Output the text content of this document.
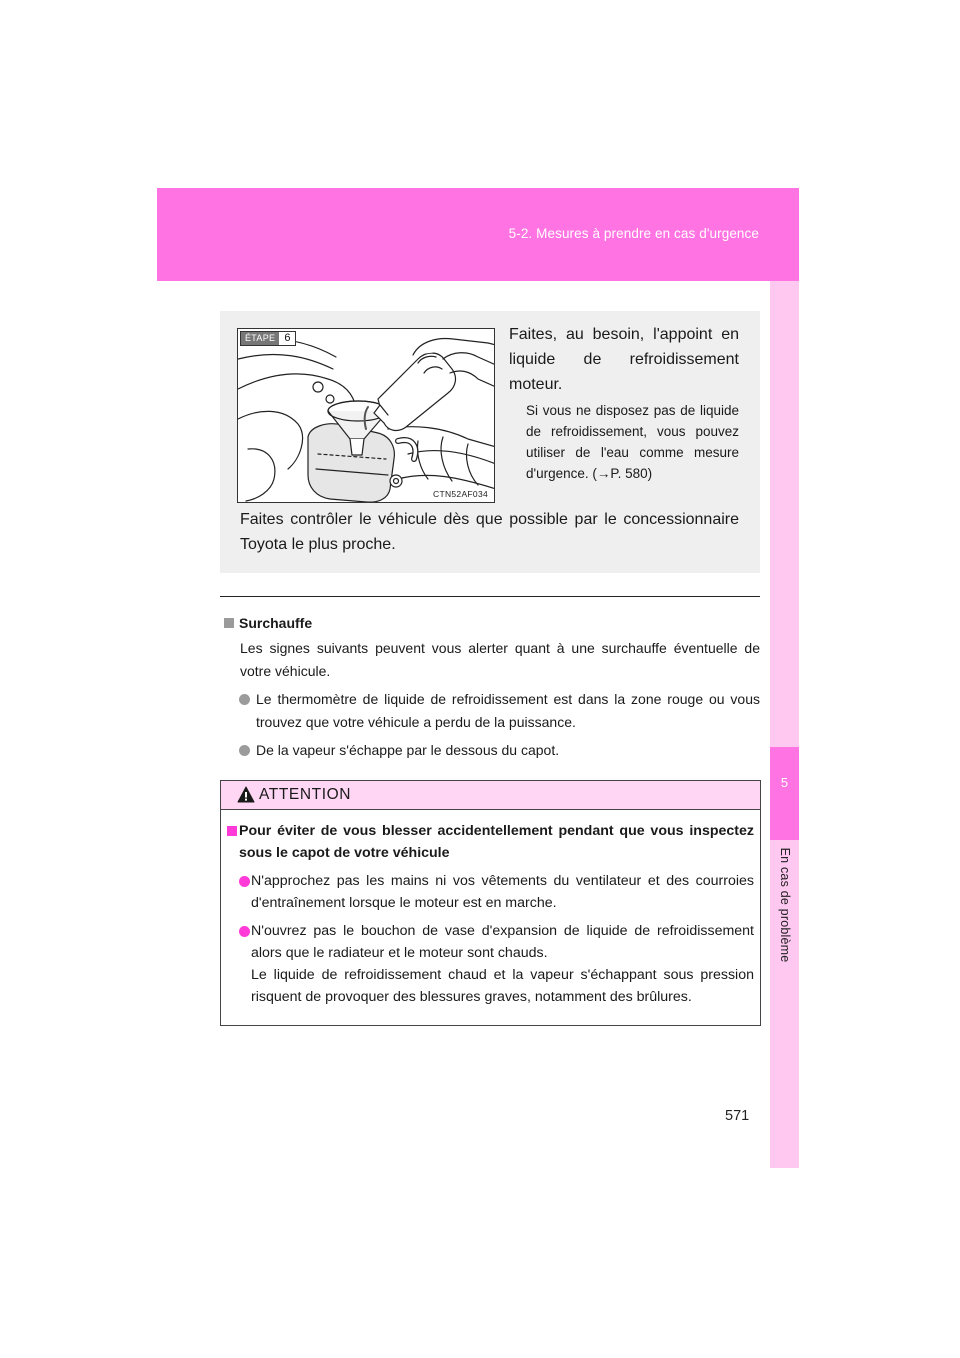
5-2. Mesures à prendre en cas d'urgence
5
En cas de problème
ÉTAPE 6
CTN52AF034
Faites, au besoin, l'appoint en liquide de refroidissement moteur.
Si vous ne disposez pas de liquide de refroidissement, vous pouvez utiliser de l'eau comme mesure d'urgence. (→P. 580)
Faites contrôler le véhicule dès que possible par le concessionnaire Toyota le plus proche.
Surchauffe

Les signes suivants peuvent vous alerter quant à une surchauffe éventuelle de votre véhicule.

Le thermomètre de liquide de refroidissement est dans la zone rouge ou vous trouvez que votre véhicule a perdu de la puissance.

De la vapeur s'échappe par le dessous du capot.

ATTENTION

Pour éviter de vous blesser accidentellement pendant que vous inspectez sous le capot de votre véhicule

N'approchez pas les mains ni vos vêtements du ventilateur et des courroies d'entraînement lorsque le moteur est en marche.

N'ouvrez pas le bouchon de vase d'expansion de liquide de refroidissement alors que le radiateur et le moteur sont chauds.

Le liquide de refroidissement chaud et la vapeur s'échappant sous pression risquent de provoquer des blessures graves, notamment des brûlures.

571
